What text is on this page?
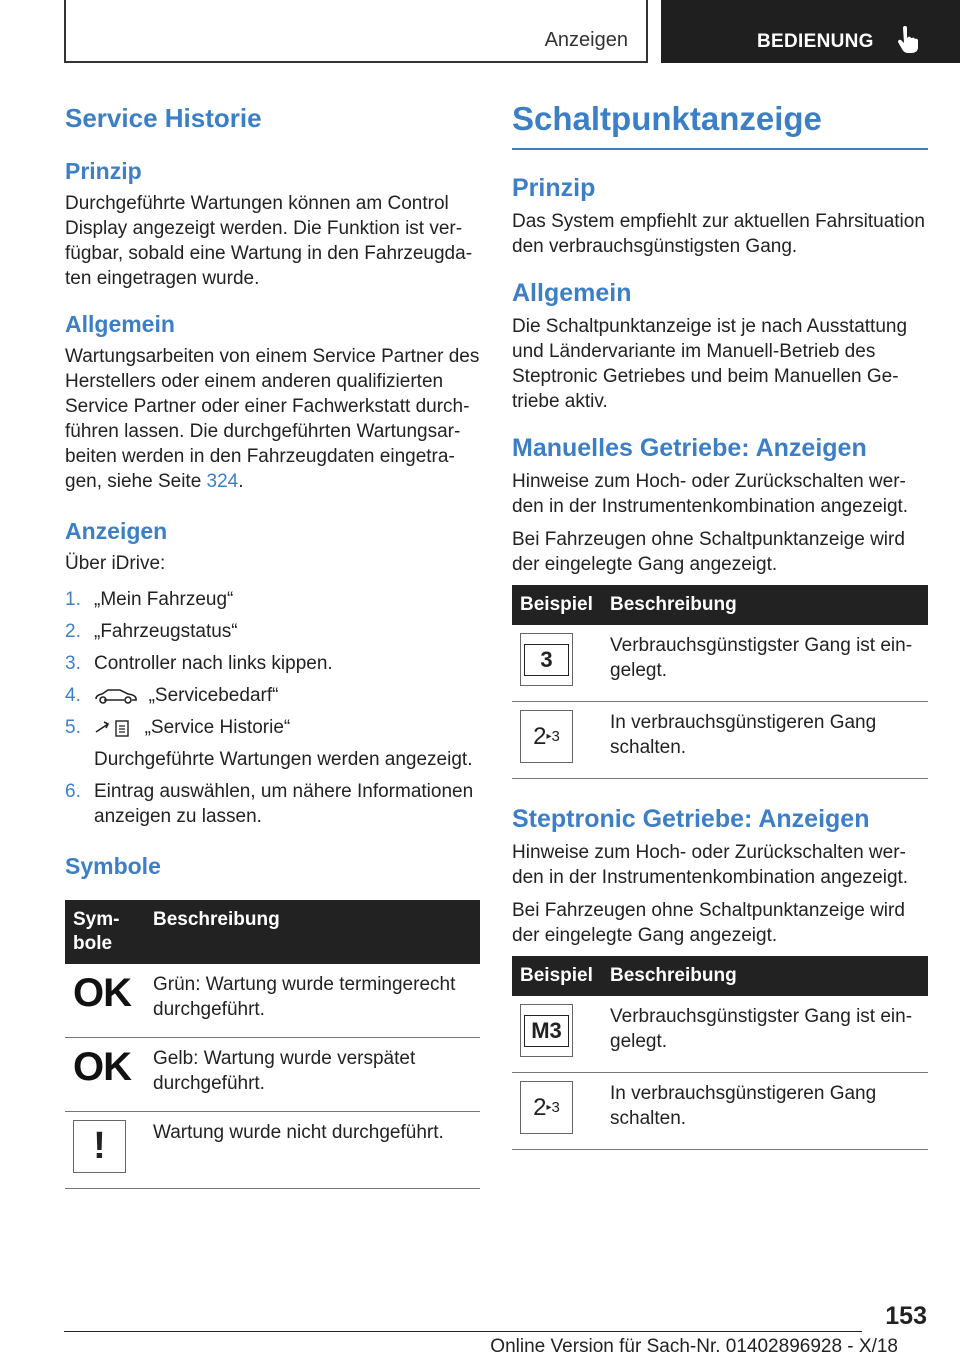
Anzeigen	BEDIENUNG
Service Historie
Prinzip

Durchgeführte Wartungen können am Control Display angezeigt werden. Die Funktion ist verfügbar, sobald eine Wartung in den Fahrzeugdaten eingetragen wurde.

Allgemein

Wartungsarbeiten von einem Service Partner des Herstellers oder einem anderen qualifizierten Service Partner oder einer Fachwerkstatt durchführen lassen. Die durchgeführten Wartungsarbeiten werden in den Fahrzeugdaten eingetragen, siehe Seite 324.

Anzeigen

Über iDrive:

1. „Mein Fahrzeug“
2. „Fahrzeugstatus“
3. Controller nach links kippen.
4.	„Servicebedarf“
5.	„Service Historie“
Durchgeführte Wartungen werden angezeigt.
6. Eintrag auswählen, um nähere Informationen anzeigen zu lassen.
Symbole
Sym-bole	Beschreibung
OK	Grün: Wartung wurde termingerecht durchgeführt.
OK	Gelb: Wartung wurde verspätet durchgeführt.

!	Wartung wurde nicht durchgeführt.
Schaltpunktanzeige
Prinzip

Das System empfiehlt zur aktuellen Fahrsituation den verbrauchsgünstigsten Gang.

Allgemein

Die Schaltpunktanzeige ist je nach Ausstattung und Ländervariante im Manuell-Betrieb des Steptronic Getriebes und beim Manuellen Getriebe aktiv.

Manuelles Getriebe: Anzeigen

Hinweise zum Hoch- oder Zurückschalten werden in der Instrumentenkombination angezeigt.

Bei Fahrzeugen ohne Schaltpunktanzeige wird der eingelegte Gang angezeigt.

Beispiel	Beschreibung

3	Verbrauchsgünstigster Gang ist eingelegt.

2 ▸ 3	In verbrauchsgünstigeren Gang schalten.
Steptronic Getriebe: Anzeigen

Hinweise zum Hoch- oder Zurückschalten werden in der Instrumentenkombination angezeigt.

Bei Fahrzeugen ohne Schaltpunktanzeige wird der eingelegte Gang angezeigt.

Beispiel	Beschreibung

M3	Verbrauchsgünstigster Gang ist eingelegt.

2 ▸ 3	In verbrauchsgünstigeren Gang schalten.
153
Online Version für Sach-Nr. 01402896928 - X/18
